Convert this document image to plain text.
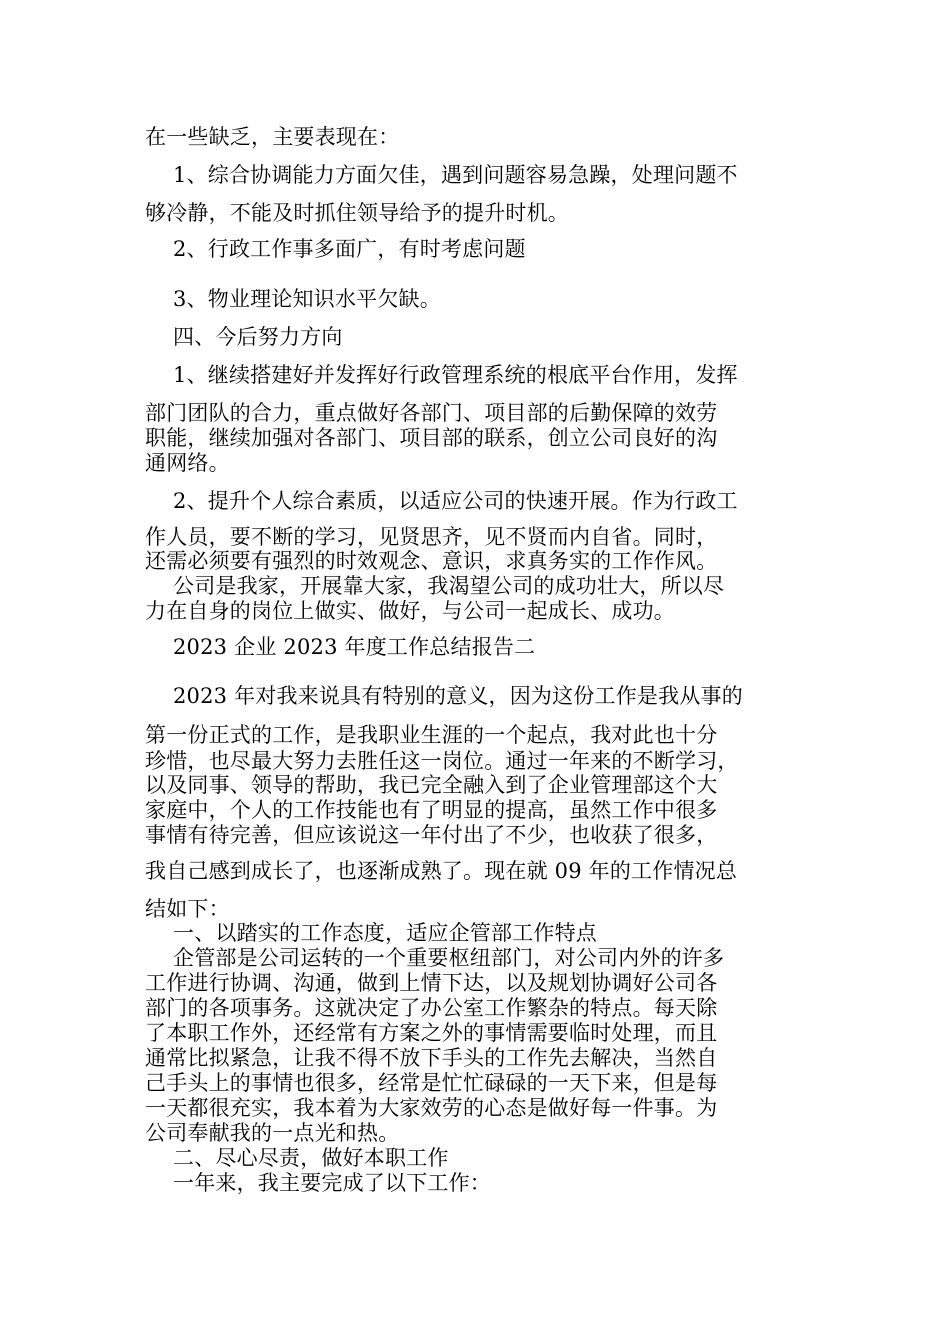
在一些缺乏，主要表现在：
1、综合协调能力方面欠佳，遇到问题容易急躁，处理问题不
够冷静，不能及时抓住领导给予的提升时机。
2、行政工作事多面广，有时考虑问题
3、物业理论知识水平欠缺。
四、今后努力方向
1、继续搭建好并发挥好行政管理系统的根底平台作用，发挥
部门团队的合力，重点做好各部门、项目部的后勤保障的效劳
职能，继续加强对各部门、项目部的联系，创立公司良好的沟
通网络。
2、提升个人综合素质，以适应公司的快速开展。作为行政工
作人员，要不断的学习，见贤思齐，见不贤而内自省。同时，
还需必须要有强烈的时效观念、意识，求真务实的工作作风。
公司是我家，开展靠大家，我渴望公司的成功壮大，所以尽
力在自身的岗位上做实、做好，与公司一起成长、成功。
2023 企业 2023 年度工作总结报告二
2023 年对我来说具有特别的意义，因为这份工作是我从事的
第一份正式的工作，是我职业生涯的一个起点，我对此也十分
珍惜，也尽最大努力去胜任这一岗位。通过一年来的不断学习，
以及同事、领导的帮助，我已完全融入到了企业管理部这个大
家庭中，个人的工作技能也有了明显的提高，虽然工作中很多
事情有待完善，但应该说这一年付出了不少，也收获了很多，
我自己感到成长了，也逐渐成熟了。现在就 09 年的工作情况总
结如下：
一、以踏实的工作态度，适应企管部工作特点
企管部是公司运转的一个重要枢纽部门，对公司内外的许多
工作进行协调、沟通，做到上情下达，以及规划协调好公司各
部门的各项事务。这就决定了办公室工作繁杂的特点。每天除
了本职工作外，还经常有方案之外的事情需要临时处理，而且
通常比拟紧急，让我不得不放下手头的工作先去解决，当然自
己手头上的事情也很多，经常是忙忙碌碌的一天下来，但是每
一天都很充实，我本着为大家效劳的心态是做好每一件事。为
公司奉献我的一点光和热。
二、尽心尽责，做好本职工作
一年来，我主要完成了以下工作：
